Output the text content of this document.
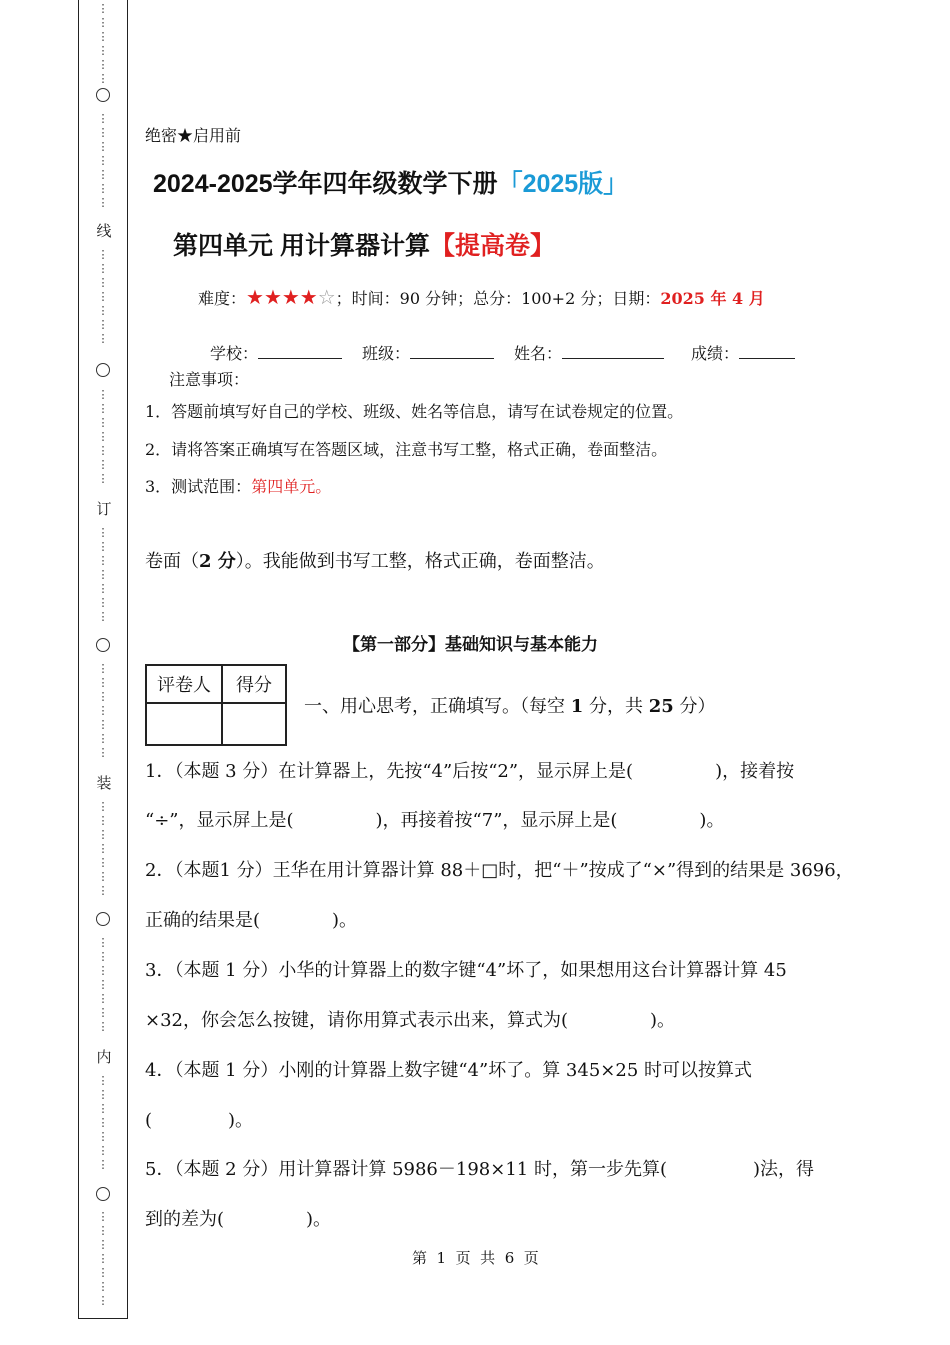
⋮⋮⋮⋮⋮⋮
⋮⋮⋮⋮⋮⋮⋮
线
⋮⋮⋮⋮⋮⋮⋮
⋮⋮⋮⋮⋮⋮⋮
订
⋮⋮⋮⋮⋮⋮⋮
⋮⋮⋮⋮⋮⋮⋮
装
⋮⋮⋮⋮⋮⋮⋮
⋮⋮⋮⋮⋮⋮⋮
内
⋮⋮⋮⋮⋮⋮⋮
⋮⋮⋮⋮⋮⋮⋮
绝密★启用前
2024-2025学年四年级数学下册「2025版」
第四单元 用计算器计算【提高卷】
难度：★★★★☆；时间：90 分钟；总分：100+2 分；日期：2025 年 4 月
学校：	班级：	姓名：	成绩：
注意事项：
1．答题前填写好自己的学校、班级、姓名等信息，请写在试卷规定的位置。
2．请将答案正确填写在答题区域，注意书写工整，格式正确，卷面整洁。
3．测试范围：第四单元。
卷面（2 分）。我能做到书写工整，格式正确，卷面整洁。
【第一部分】基础知识与基本能力
评卷人	得分

一、用心思考，正确填写。（每空 1 分，共 25 分）
1．（本题 3 分）在计算器上，先按“4”后按“2”，显示屏上是(	)，接着按
“÷”，显示屏上是(	)，再接着按“7”，显示屏上是(	)。
2．（本题1 分）王华在用计算器计算 88＋□时，把“＋”按成了“×”得到的结果是 3696，
正确的结果是(	)。
3．（本题 1 分）小华的计算器上的数字键“4”坏了，如果想用这台计算器计算 45
×32，你会怎么按键，请你用算式表示出来，算式为(	)。
4．（本题 1 分）小刚的计算器上数字键“4”坏了。算 345×25 时可以按算式
(	)。
5．（本题 2 分）用计算器计算 5986－198×11 时，第一步先算(	)法，得
到的差为(	)。
第  1  页  共  6  页
